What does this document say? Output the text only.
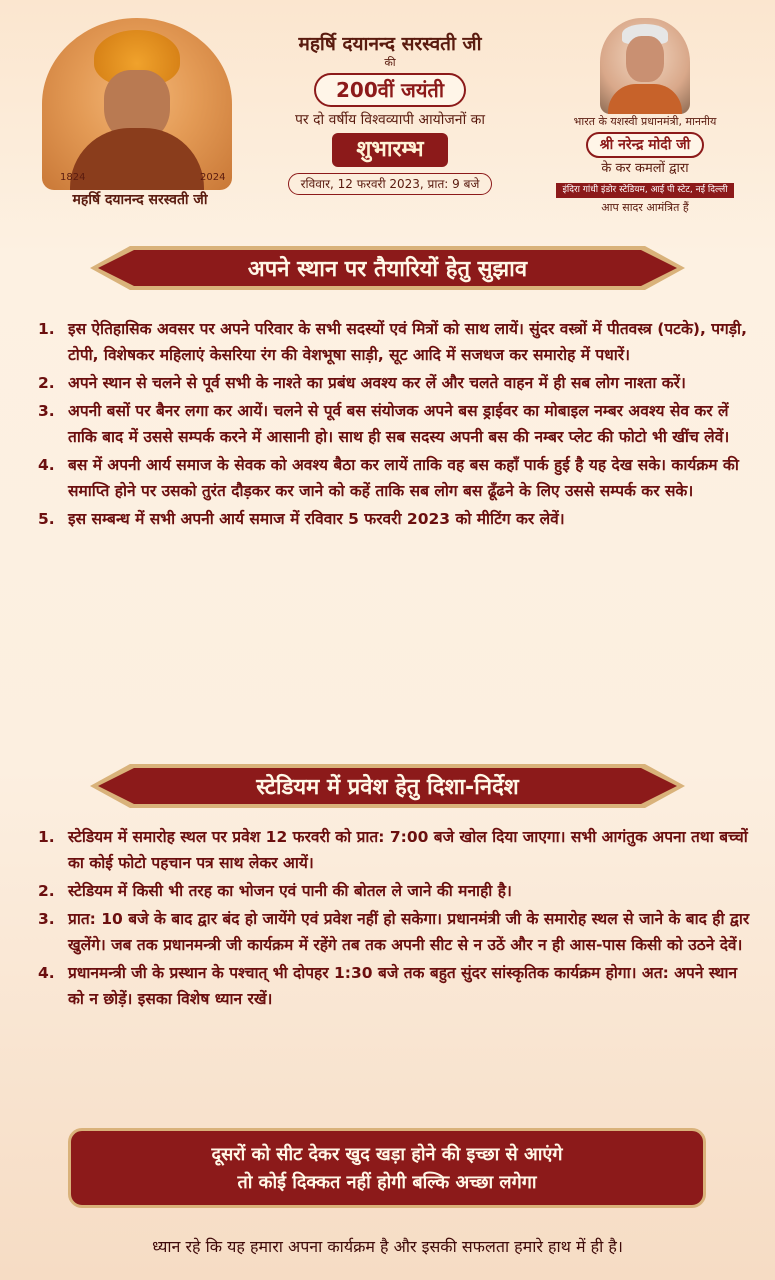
1824	2024
महर्षि दयानन्द सरस्वती जी
महर्षि दयानन्द सरस्वती जी
की
200वीं जयंती
पर दो वर्षीय विश्वव्यापी आयोजनों का
शुभारम्भ
रविवार, 12 फरवरी 2023, प्रात: 9 बजे
भारत के यशस्वी प्रधानमंत्री, माननीय
श्री नरेन्द्र मोदी जी
के कर कमलों द्वारा
इंदिरा गांधी इंडोर स्टेडियम, आई पी स्टेट, नई दिल्ली
आप सादर आमंत्रित हैं
अपने स्थान पर तैयारियों हेतु सुझाव
1. इस ऐतिहासिक अवसर पर अपने परिवार के सभी सदस्यों एवं मित्रों को साथ लायें। सुंदर वस्त्रों में पीतवस्त्र (पटके), पगड़ी, टोपी, विशेषकर महिलाएं केसरिया रंग की वेशभूषा साड़ी, सूट आदि में सजधज कर समारोह में पधारें।
2. अपने स्थान से चलने से पूर्व सभी के नाश्ते का प्रबंध अवश्य कर लें और चलते वाहन में ही सब लोग नाश्ता करें।
3. अपनी बसों पर बैनर लगा कर आयें। चलने से पूर्व बस संयोजक अपने बस ड्राईवर का मोबाइल नम्बर अवश्य सेव कर लें ताकि बाद में उससे सम्पर्क करने में आसानी हो। साथ ही सब सदस्य अपनी बस की नम्बर प्लेट की फोटो भी खींच लेवें।
4. बस में अपनी आर्य समाज के सेवक को अवश्य बैठा कर लायें ताकि वह बस कहाँ पार्क हुई है यह देख सके। कार्यक्रम की समाप्ति होने पर उसको तुरंत दौड़कर कर जाने को कहें ताकि सब लोग बस ढूँढने के लिए उससे सम्पर्क कर सके।
5. इस सम्बन्ध में सभी अपनी आर्य समाज में रविवार 5 फरवरी 2023 को मीटिंग कर लेवें।
स्टेडियम में प्रवेश हेतु दिशा-निर्देश
1. स्टेडियम में समारोह स्थल पर प्रवेश 12 फरवरी को प्रात: 7:00 बजे खोल दिया जाएगा। सभी आगंतुक अपना तथा बच्चों का कोई फोटो पहचान पत्र साथ लेकर आयें।
2. स्टेडियम में किसी भी तरह का भोजन एवं पानी की बोतल ले जाने की मनाही है।
3. प्रात: 10 बजे के बाद द्वार बंद हो जायेंगे एवं प्रवेश नहीं हो सकेगा। प्रधानमंत्री जी के समारोह स्थल से जाने के बाद ही द्वार खुलेंगे। जब तक प्रधानमन्त्री जी कार्यक्रम में रहेंगे तब तक अपनी सीट से न उठें और न ही आस-पास किसी को उठने देवें।
4. प्रधानमन्त्री जी के प्रस्थान के पश्चात् भी दोपहर 1:30 बजे तक बहुत सुंदर सांस्कृतिक कार्यक्रम होगा। अत: अपने स्थान को न छोड़ें। इसका विशेष ध्यान रखें।
दूसरों को सीट देकर खुद खड़ा होने की इच्छा से आएंगे
तो कोई दिक्कत नहीं होगी बल्कि अच्छा लगेगा
ध्यान रहे कि यह हमारा अपना कार्यक्रम है और इसकी सफलता हमारे हाथ में ही है।
